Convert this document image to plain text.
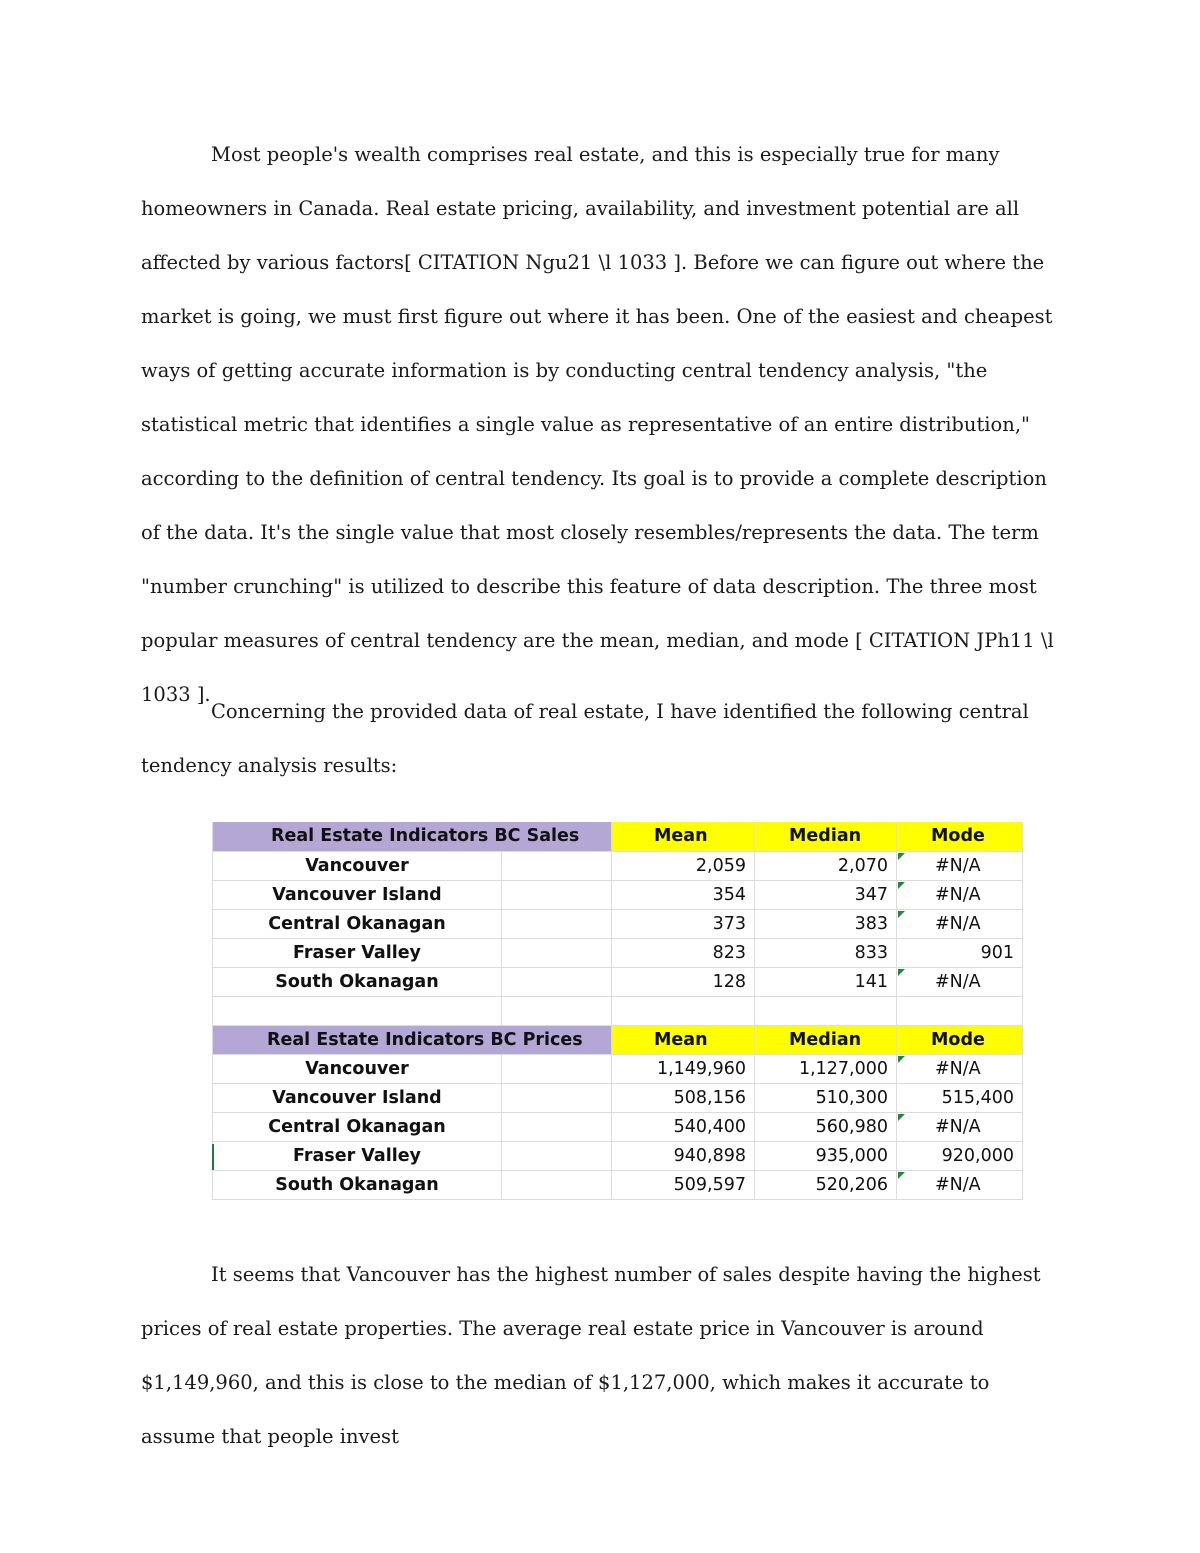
Most people's wealth comprises real estate, and this is especially true for many homeowners in Canada. Real estate pricing, availability, and investment potential are all affected by various factors[ CITATION Ngu21 \l 1033 ]. Before we can figure out where the market is going, we must first figure out where it has been. One of the easiest and cheapest ways of getting accurate information is by conducting central tendency analysis, "the statistical metric that identifies a single value as representative of an entire distribution," according to the definition of central tendency. Its goal is to provide a complete description of the data. It's the single value that most closely resembles/represents the data. The term "number crunching" is utilized to describe this feature of data description. The three most popular measures of central tendency are the mean, median, and mode [ CITATION JPh11 \l 1033 ].

Concerning the provided data of real estate, I have identified the following central tendency analysis results:

Real Estate Indicators BC Sales		Mean	Median	Mode
Vancouver		2,059	2,070	#N/A
Vancouver Island		354	347	#N/A
Central Okanagan		373	383	#N/A
Fraser Valley		823	833	901
South Okanagan		128	141	#N/A

Real Estate Indicators BC Prices		Mean	Median	Mode
Vancouver		1,149,960	1,127,000	#N/A
Vancouver Island		508,156	510,300	515,400
Central Okanagan		540,400	560,980	#N/A

Fraser Valley		940,898	935,000	920,000
South Okanagan		509,597	520,206	#N/A

It seems that Vancouver has the highest number of sales despite having the highest prices of real estate properties. The average real estate price in Vancouver is around $1,149,960, and this is close to the median of $1,127,000, which makes it accurate to assume that people invest
